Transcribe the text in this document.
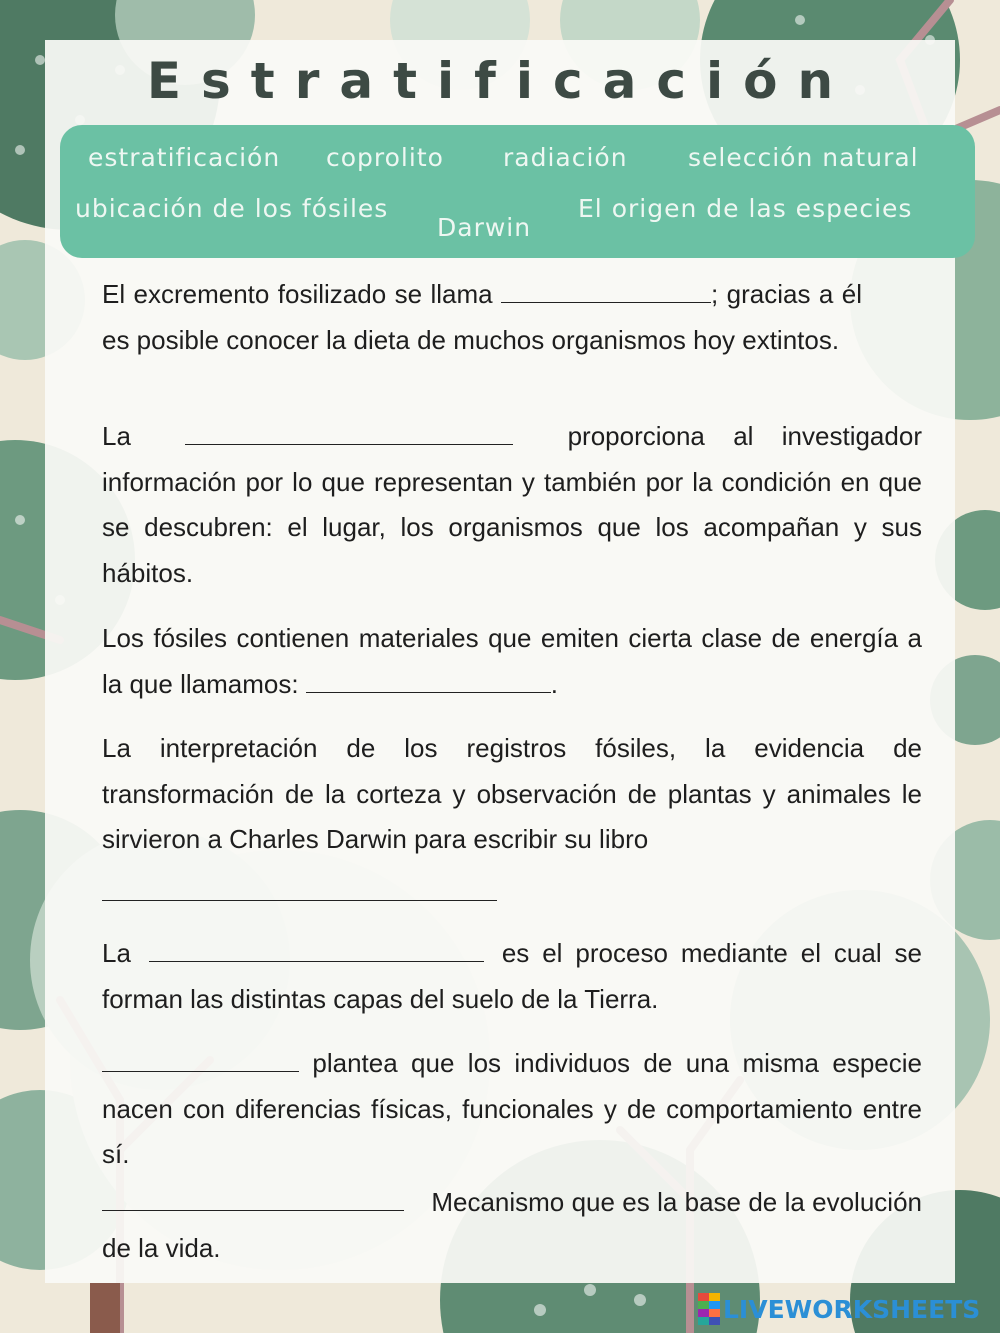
Estratificación
estratificación coprolito radiación selección natural
ubicación de los fósiles	El origen de las especies
Darwin
El excremento fosilizado se llama	; gracias a él es posible conocer la dieta de muchos organismos hoy extintos.
La	proporciona al investigador información por lo que representan y también por la condición en que se descubren: el lugar, los organismos que los acompañan y sus hábitos.
Los fósiles contienen materiales que emiten cierta clase de energía a la que llamamos:	.
La interpretación de los registros fósiles, la evidencia de transformación de la corteza y observación de plantas y animales le sirvieron a Charles Darwin para escribir su libro
La	es el proceso mediante el cual se forman las distintas capas del suelo de la Tierra.
plantea que los individuos de una misma especie nacen con diferencias físicas, funcionales y de comportamiento entre sí.
Mecanismo que es la base de la evolución de la vida.
LIVEWORKSHEETS
